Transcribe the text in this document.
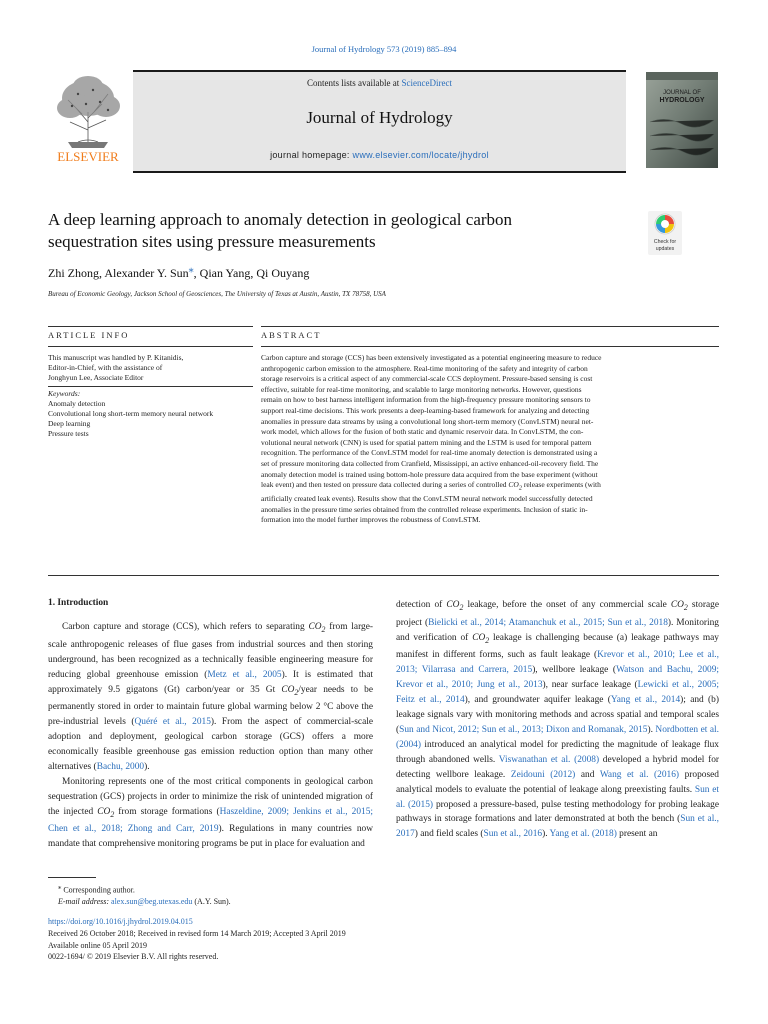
Journal of Hydrology 573 (2019) 885–894
Contents lists available at ScienceDirect
Journal of Hydrology
journal homepage: www.elsevier.com/locate/jhydrol
ELSEVIER
JOURNAL OF
HYDROLOGY
A deep learning approach to anomaly detection in geological carbon
sequestration sites using pressure measurements	Check for
updates
Zhi Zhong, Alexander Y. Sun⁎, Qian Yang, Qi Ouyang
Bureau of Economic Geology, Jackson School of Geosciences, The University of Texas at Austin, Austin, TX 78758, USA
ARTICLE INFO	ABSTRACT
This manuscript was handled by P. Kitanidis,
Editor-in-Chief, with the assistance of
Jonghyun Lee, Associate Editor
Keywords:
Anomaly detection
Convolutional long short-term memory neural network
Deep learning
Pressure tests
Carbon capture and storage (CCS) has been extensively investigated as a potential engineering measure to reduce
anthropogenic carbon emission to the atmosphere. Real-time monitoring of the safety and integrity of carbon
storage reservoirs is a critical aspect of any commercial-scale CCS deployment. Pressure-based sensing is cost
effective, suitable for real-time monitoring, and scalable to large monitoring networks. However, questions
remain on how to best harness intelligent information from the high-frequency pressure monitoring sensors to
support real-time decisions. This work presents a deep-learning-based framework for analyzing and detecting
anomalies in pressure data streams by using a convolutional long short-term memory (ConvLSTM) neural net-
work model, which allows for the fusion of both static and dynamic reservoir data. In ConvLSTM, the con-
volutional neural network (CNN) is used for spatial pattern mining and the LSTM is used for temporal pattern
recognition. The performance of the ConvLSTM model for real-time anomaly detection is demonstrated using a
set of pressure monitoring data collected from Cranfield, Mississippi, an active enhanced-oil-recovery field. The
anomaly detection model is trained using bottom-hole pressure data acquired from the base experiment (without
leak event) and then tested on pressure data collected during a series of controlled $CO_2$ release experiments (with
artificially created leak events). Results show that the ConvLSTM neural network model successfully detected
anomalies in the pressure time series obtained from the controlled release experiments. Inclusion of static in-
formation into the model further improves the robustness of ConvLSTM.
1. Introduction

Carbon capture and storage (CCS), which refers to separating $CO_2$ from large-scale anthropogenic releases of flue gases from industrial sources and then storing underground, has been recognized as a technically feasible engineering measure for reducing global greenhouse emission (Metz et al., 2005). It is estimated that approximately 9.5 gigatons (Gt) carbon/year or 35 Gt $CO_2$/year needs to be permanently stored in order to maintain future global warming below 2 °C above the pre-industrial levels (Quéré et al., 2015). From the aspect of commercial-scale adoption and deployment, geological carbon storage (GCS) offers a more economically feasible greenhouse gas emission reduction option than many other alternatives (Bachu, 2000).

Monitoring represents one of the most critical components in geological carbon sequestration (GCS) projects in order to minimize the risk of unintended migration of the injected $CO_2$ from storage formations (Haszeldine, 2009; Jenkins et al., 2015; Chen et al., 2018; Zhong and Carr, 2019). Regulations in many countries now mandate that comprehensive monitoring programs be put in place for evaluation and

detection of $CO_2$ leakage, before the onset of any commercial scale $CO_2$ storage project (Bielicki et al., 2014; Atamanchuk et al., 2015; Sun et al., 2018). Monitoring and verification of $CO_2$ leakage is challenging because (a) leakage pathways may manifest in different forms, such as fault leakage (Krevor et al., 2010; Lee et al., 2013; Vilarrasa and Carrera, 2015), wellbore leakage (Watson and Bachu, 2009; Krevor et al., 2010; Jung et al., 2013), near surface leakage (Lewicki et al., 2005; Feitz et al., 2014), and groundwater aquifer leakage (Yang et al., 2014); and (b) leakage signals vary with monitoring methods and across spatial and temporal scales (Sun and Nicot, 2012; Sun et al., 2013; Dixon and Romanak, 2015). Nordbotten et al. (2004) introduced an analytical model for predicting the magnitude of leakage flux through abandoned wells. Viswanathan et al. (2008) developed a hybrid model for detecting wellbore leakage. Zeidouni (2012) and Wang et al. (2016) proposed analytical models to evaluate the potential of leakage along preexisting faults. Sun et al. (2015) proposed a pressure-based, pulse testing methodology for probing leakage pathways in storage formations and later demonstrated at both the bench (Sun et al., 2017) and field scales (Sun et al., 2016). Yang et al. (2018) present an

⁎ Corresponding author.
E-mail address: alex.sun@beg.utexas.edu (A.Y. Sun).
https://doi.org/10.1016/j.jhydrol.2019.04.015
Received 26 October 2018; Received in revised form 14 March 2019; Accepted 3 April 2019
Available online 05 April 2019
0022-1694/ © 2019 Elsevier B.V. All rights reserved.
